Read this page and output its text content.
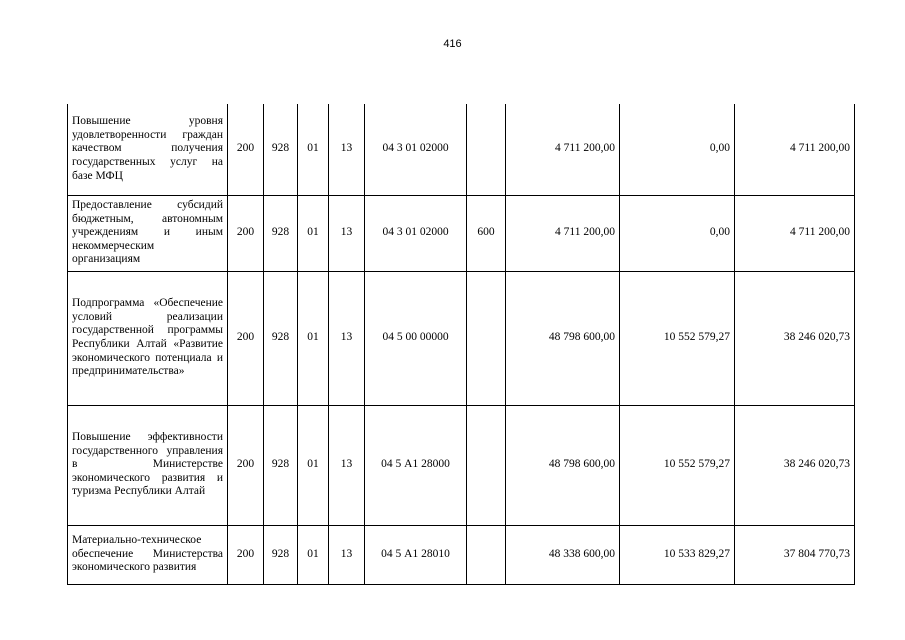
416
Повышение уровня удовлетворенности граждан качеством получения государственных услуг на базе МФЦ	200	928	01	13	04 3 01 02000		4 711 200,00	0,00	4 711 200,00

Предоставление субсидий бюджетным, автономным учреждениям и иным некоммерческим организациям	200	928	01	13	04 3 01 02000	600	4 711 200,00	0,00	4 711 200,00

Подпрограмма «Обеспечение условий реализации государственной программы Республики Алтай «Развитие экономического потенциала и предпринимательства»	200	928	01	13	04 5 00 00000		48 798 600,00	10 552 579,27	38 246 020,73

Повышение эффективности государственного управления в Министерстве экономического развития и туризма Республики Алтай	200	928	01	13	04 5 А1 28000		48 798 600,00	10 552 579,27	38 246 020,73

Материально-техническое обеспечение Министерства экономического развития	200	928	01	13	04 5 А1 28010		48 338 600,00	10 533 829,27	37 804 770,73
